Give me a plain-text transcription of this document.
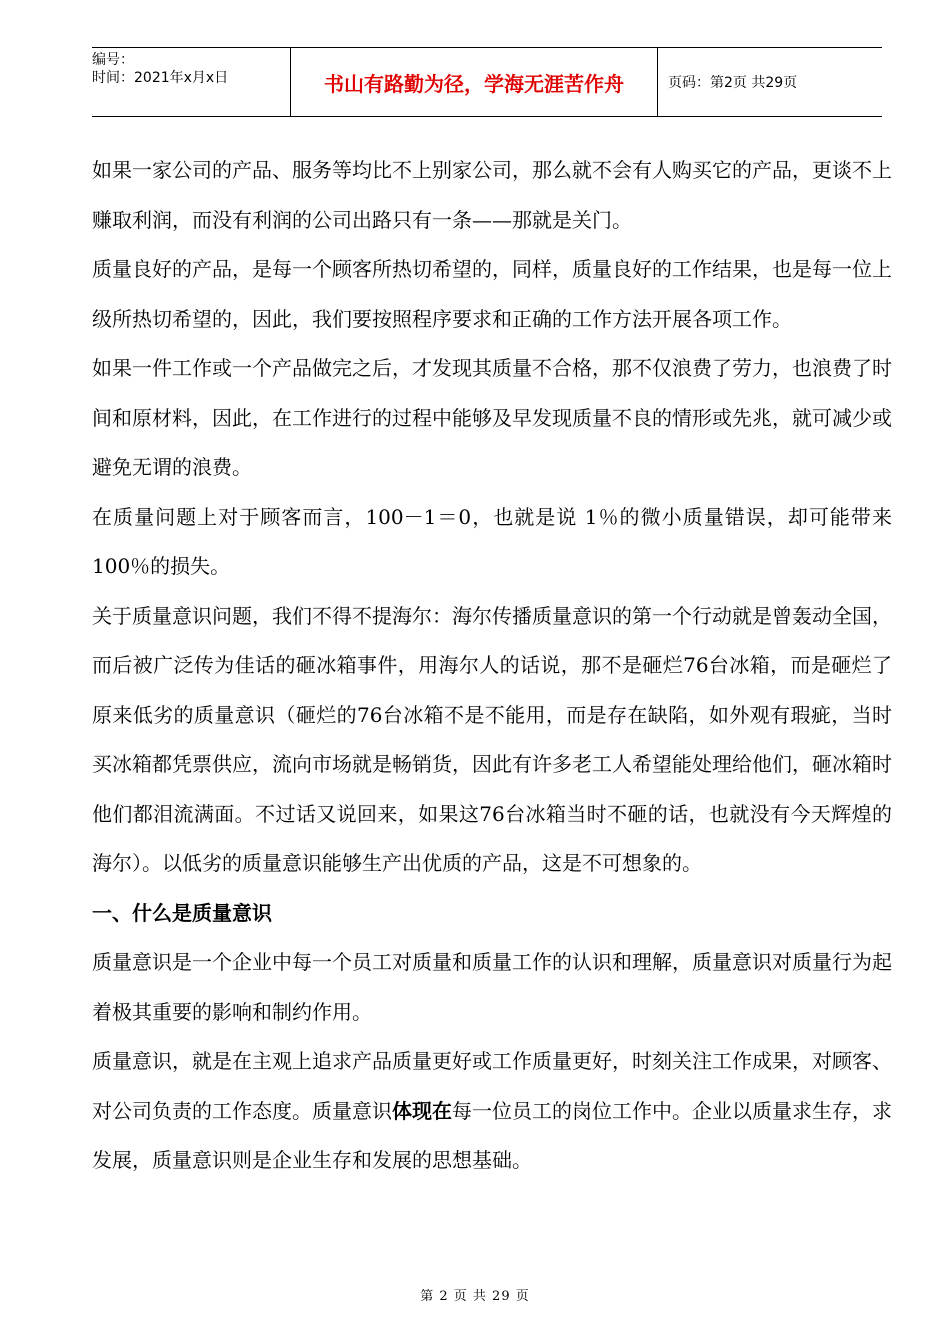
编号：
时间：2021年x月x日	书山有路勤为径，学海无涯苦作舟	页码：第2页 共29页

如果一家公司的产品、服务等均比不上别家公司，那么就不会有人购买它的产品，更谈不上赚取利润，而没有利润的公司出路只有一条——那就是关门。

质量良好的产品，是每一个顾客所热切希望的，同样，质量良好的工作结果，也是每一位上级所热切希望的，因此，我们要按照程序要求和正确的工作方法开展各项工作。

如果一件工作或一个产品做完之后，才发现其质量不合格，那不仅浪费了劳力，也浪费了时间和原材料，因此，在工作进行的过程中能够及早发现质量不良的情形或先兆，就可减少或避免无谓的浪费。

在质量问题上对于顾客而言，100－1＝0，也就是说 1％的微小质量错误，却可能带来100％的损失。

关于质量意识问题，我们不得不提海尔：海尔传播质量意识的第一个行动就是曾轰动全国，而后被广泛传为佳话的砸冰箱事件，用海尔人的话说，那不是砸烂76台冰箱，而是砸烂了原来低劣的质量意识（砸烂的76台冰箱不是不能用，而是存在缺陷，如外观有瑕疵，当时买冰箱都凭票供应，流向市场就是畅销货，因此有许多老工人希望能处理给他们，砸冰箱时他们都泪流满面。不过话又说回来，如果这76台冰箱当时不砸的话，也就没有今天辉煌的海尔）。以低劣的质量意识能够生产出优质的产品，这是不可想象的。

一、什么是质量意识

质量意识是一个企业中每一个员工对质量和质量工作的认识和理解，质量意识对质量行为起着极其重要的影响和制约作用。

质量意识，就是在主观上追求产品质量更好或工作质量更好，时刻关注工作成果，对顾客、对公司负责的工作态度。质量意识体现在每一位员工的岗位工作中。企业以质量求生存，求发展，质量意识则是企业生存和发展的思想基础。

第 2 页 共 29 页
